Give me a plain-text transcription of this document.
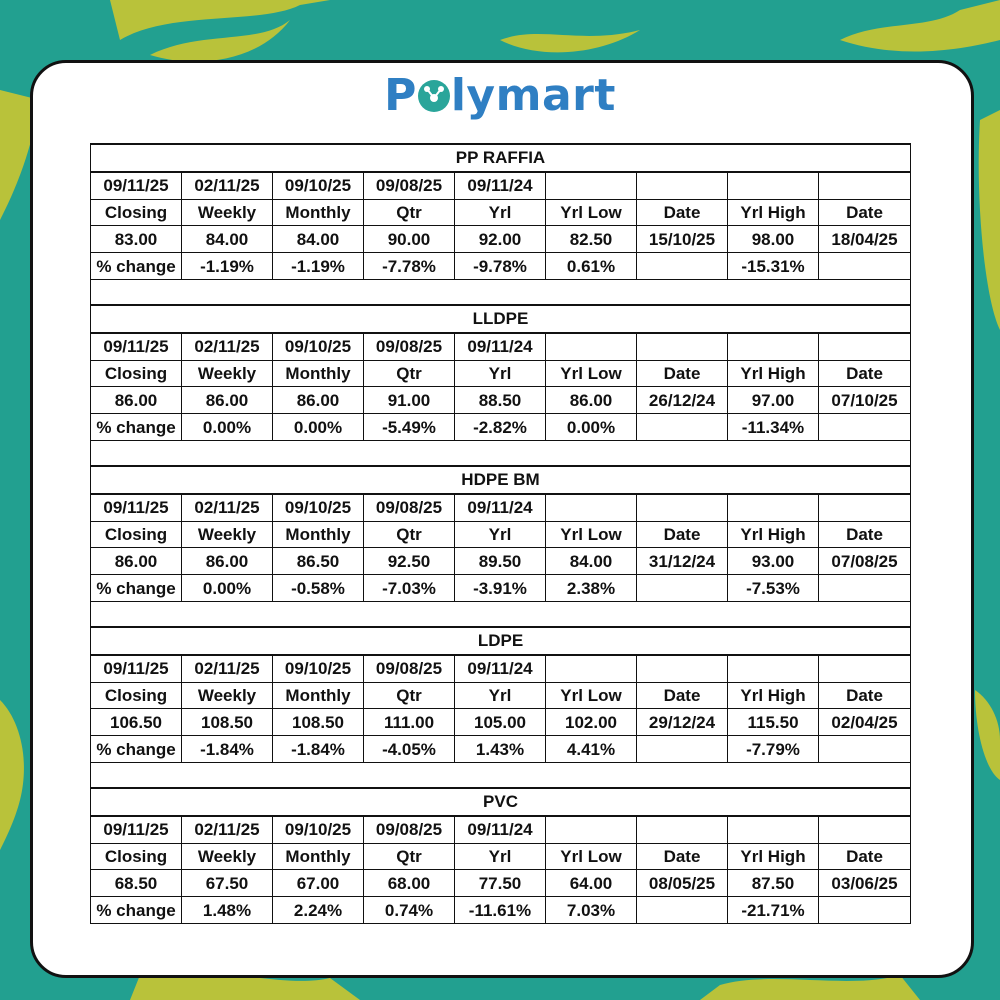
P lymart
PP RAFFIA								
09/11/25	02/11/25	09/10/25	09/08/25	09/11/24				
Closing	Weekly	Monthly	Qtr	Yrl	Yrl Low	Date	Yrl High	Date
83.00	84.00	84.00	90.00	92.00	82.50	15/10/25	98.00	18/04/25
% change	-1.19%	-1.19%	-7.78%	-9.78%	0.61%		-15.31%	

LLDPE								
09/11/25	02/11/25	09/10/25	09/08/25	09/11/24				
Closing	Weekly	Monthly	Qtr	Yrl	Yrl Low	Date	Yrl High	Date
86.00	86.00	86.00	91.00	88.50	86.00	26/12/24	97.00	07/10/25
% change	0.00%	0.00%	-5.49%	-2.82%	0.00%		-11.34%	

HDPE BM								
09/11/25	02/11/25	09/10/25	09/08/25	09/11/24				
Closing	Weekly	Monthly	Qtr	Yrl	Yrl Low	Date	Yrl High	Date
86.00	86.00	86.50	92.50	89.50	84.00	31/12/24	93.00	07/08/25
% change	0.00%	-0.58%	-7.03%	-3.91%	2.38%		-7.53%	

LDPE								
09/11/25	02/11/25	09/10/25	09/08/25	09/11/24				
Closing	Weekly	Monthly	Qtr	Yrl	Yrl Low	Date	Yrl High	Date
106.50	108.50	108.50	111.00	105.00	102.00	29/12/24	115.50	02/04/25
% change	-1.84%	-1.84%	-4.05%	1.43%	4.41%		-7.79%	

PVC								
09/11/25	02/11/25	09/10/25	09/08/25	09/11/24				
Closing	Weekly	Monthly	Qtr	Yrl	Yrl Low	Date	Yrl High	Date
68.50	67.50	67.00	68.00	77.50	64.00	08/05/25	87.50	03/06/25
% change	1.48%	2.24%	0.74%	-11.61%	7.03%		-21.71%	
